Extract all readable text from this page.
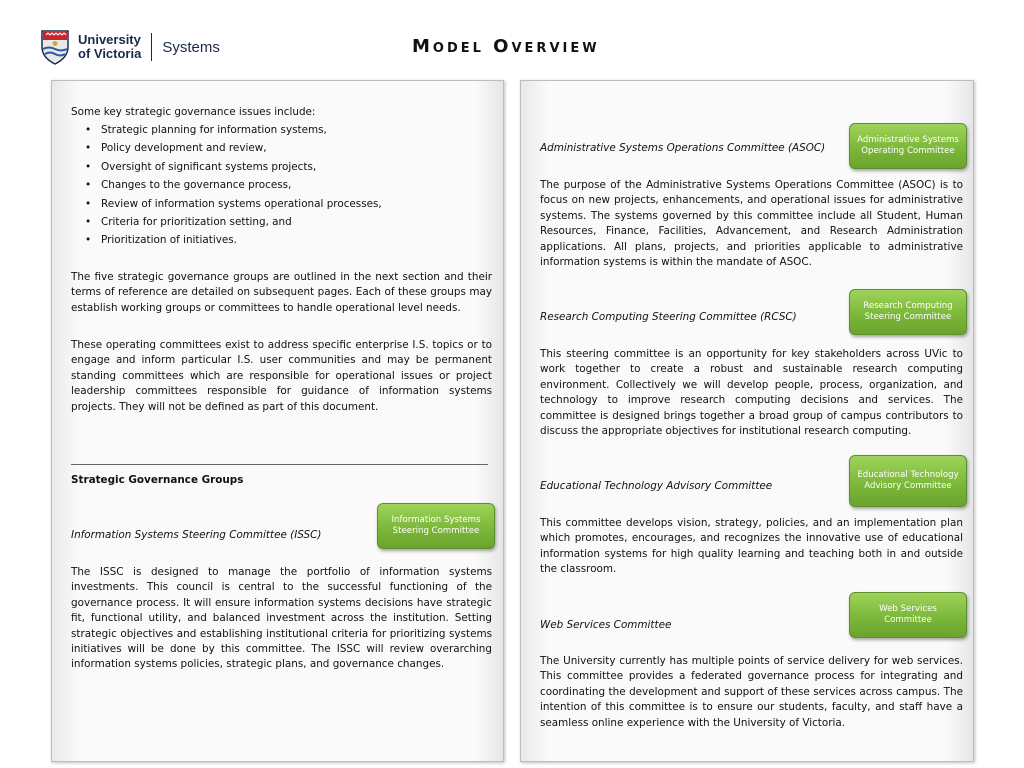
University
of Victoria Systems	Model Overview
Some key strategic governance issues include:
• Strategic planning for information systems,
• Policy development and review,
• Oversight of significant systems projects,
• Changes to the governance process,
• Review of information systems operational processes,
• Criteria for prioritization setting, and
• Prioritization of initiatives.
The five strategic governance groups are outlined in the next section and their terms of reference are detailed on subsequent pages. Each of these groups may establish working groups or committees to handle operational level needs.
These operating committees exist to address specific enterprise I.S. topics or to engage and inform particular I.S. user communities and may be permanent standing committees which are responsible for operational issues or project leadership committees responsible for guidance of information systems projects. They will not be defined as part of this document.
Strategic Governance Groups
Information Systems Steering Committee (ISSC)
Information Systems Steering Committee
The ISSC is designed to manage the portfolio of information systems investments. This council is central to the successful functioning of the governance process. It will ensure information systems decisions have strategic fit, functional utility, and balanced investment across the institution. Setting strategic objectives and establishing institutional criteria for prioritizing systems initiatives will be done by this committee. The ISSC will review overarching information systems policies, strategic plans, and governance changes.
Administrative Systems Operations Committee (ASOC)
Administrative Systems Operating Committee
The purpose of the Administrative Systems Operations Committee (ASOC) is to focus on new projects, enhancements, and operational issues for administrative systems. The systems governed by this committee include all Student, Human Resources, Finance, Facilities, Advancement, and Research Administration applications. All plans, projects, and priorities applicable to administrative information systems is within the mandate of ASOC.
Research Computing Steering Committee (RCSC)
Research Computing Steering Committee
This steering committee is an opportunity for key stakeholders across UVic to work together to create a robust and sustainable research computing environment. Collectively we will develop people, process, organization, and technology to improve research computing decisions and services. The committee is designed brings together a broad group of campus contributors to discuss the appropriate objectives for institutional research computing.
Educational Technology Advisory Committee
Educational Technology Advisory Committee
This committee develops vision, strategy, policies, and an implementation plan which promotes, encourages, and recognizes the innovative use of educational information systems for high quality learning and teaching both in and outside the classroom.
Web Services Committee
Web Services Committee
The University currently has multiple points of service delivery for web services. This committee provides a federated governance process for integrating and coordinating the development and support of these services across campus. The intention of this committee is to ensure our students, faculty, and staff have a seamless online experience with the University of Victoria.
